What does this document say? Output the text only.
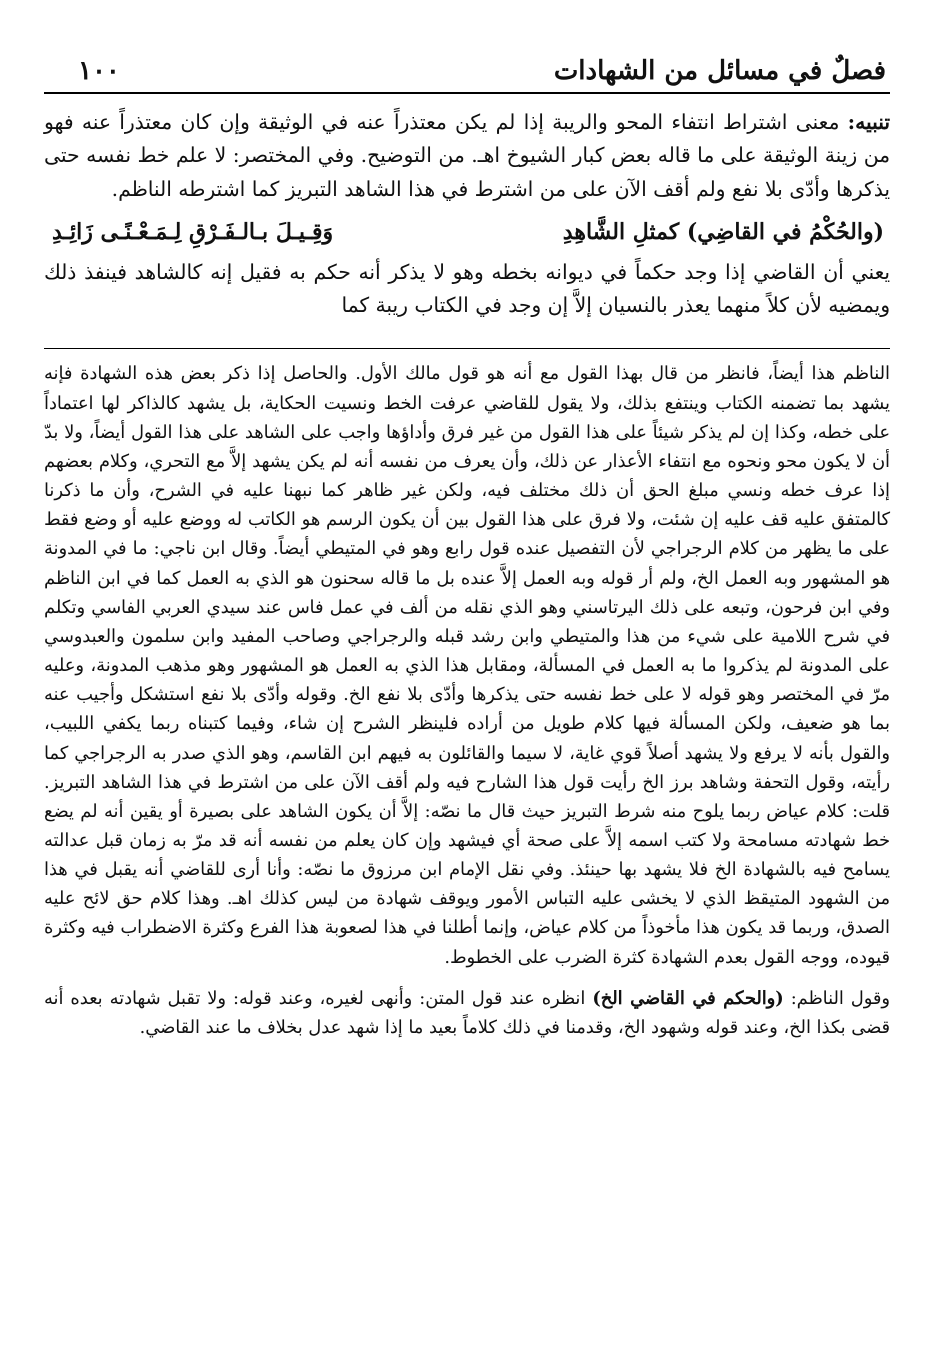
فصلٌ في مسائل من الشهادات
١٠٠

تنبيه: معنى اشتراط انتفاء المحو والريبة إذا لم يكن معتذراً عنه في الوثيقة وإن كان معتذراً عنه فهو من زينة الوثيقة على ما قاله بعض كبار الشيوخ اهـ. من التوضيح. وفي المختصر: لا علم خط نفسه حتى يذكرها وأدّى بلا نفع ولم أقف الآن على من اشترط في هذا الشاهد التبريز كما اشترطه الناظم.

(والحُكْمُ في القاضِي) كمثلِ الشَّاهِدِ
وَقِـيـلَ بـالـفَـرْقِ لِـمَـعْـنًـى زَائِـدِ

يعني أن القاضي إذا وجد حكماً في ديوانه بخطه وهو لا يذكر أنه حكم به فقيل إنه كالشاهد فينفذ ذلك ويمضيه لأن كلاً منهما يعذر بالنسيان إلاَّ إن وجد في الكتاب ريبة كما

الناظم هذا أيضاً، فانظر من قال بهذا القول مع أنه هو قول مالك الأول. والحاصل إذا ذكر بعض هذه الشهادة فإنه يشهد بما تضمنه الكتاب وينتفع بذلك، ولا يقول للقاضي عرفت الخط ونسيت الحكاية، بل يشهد كالذاكر لها اعتماداً على خطه، وكذا إن لم يذكر شيئاً على هذا القول من غير فرق وأداؤها واجب على الشاهد على هذا القول أيضاً، ولا بدّ أن لا يكون محو ونحوه مع انتفاء الأعذار عن ذلك، وأن يعرف من نفسه أنه لم يكن يشهد إلاَّ مع التحري، وكلام بعضهم إذا عرف خطه ونسي مبلغ الحق أن ذلك مختلف فيه، ولكن غير ظاهر كما نبهنا عليه في الشرح، وأن ما ذكرنا كالمتفق عليه قف عليه إن شئت، ولا فرق على هذا القول بين أن يكون الرسم هو الكاتب له ووضع عليه أو وضع فقط على ما يظهر من كلام الرجراجي لأن التفصيل عنده قول رابع وهو في المتيطي أيضاً. وقال ابن ناجي: ما في المدونة هو المشهور وبه العمل الخ، ولم أر قوله وبه العمل إلاَّ عنده بل ما قاله سحنون هو الذي به العمل كما في ابن الناظم وفي ابن فرحون، وتبعه على ذلك اليرتاسني وهو الذي نقله من ألف في عمل فاس عند سيدي العربي الفاسي وتكلم في شرح اللامية على شيء من هذا والمتيطي وابن رشد قبله والرجراجي وصاحب المفيد وابن سلمون والعبدوسي على المدونة لم يذكروا ما به العمل في المسألة، ومقابل هذا الذي به العمل هو المشهور وهو مذهب المدونة، وعليه مرّ في المختصر وهو قوله لا على خط نفسه حتى يذكرها وأدّى بلا نفع الخ. وقوله وأدّى بلا نفع استشكل وأجيب عنه بما هو ضعيف، ولكن المسألة فيها كلام طويل من أراده فلينظر الشرح إن شاء، وفيما كتبناه ربما يكفي اللبيب، والقول بأنه لا يرفع ولا يشهد أصلاً قوي غاية، لا سيما والقائلون به فيهم ابن القاسم، وهو الذي صدر به الرجراجي كما رأيته، وقول التحفة وشاهد برز الخ رأيت قول هذا الشارح فيه ولم أقف الآن على من اشترط في هذا الشاهد التبريز. قلت: كلام عياض ربما يلوح منه شرط التبريز حيث قال ما نصّه: إلاَّ أن يكون الشاهد على بصيرة أو يقين أنه لم يضع خط شهادته مسامحة ولا كتب اسمه إلاَّ على صحة أي فيشهد وإن كان يعلم من نفسه أنه قد مرّ به زمان قبل عدالته يسامح فيه بالشهادة الخ فلا يشهد بها حينئذ. وفي نقل الإمام ابن مرزوق ما نصّه: وأنا أرى للقاضي أنه يقبل في هذا من الشهود المتيقظ الذي لا يخشى عليه التباس الأمور ويوقف شهادة من ليس كذلك اهـ. وهذا كلام حق لائح عليه الصدق، وربما قد يكون هذا مأخوذاً من كلام عياض، وإنما أطلنا في هذا لصعوبة هذا الفرع وكثرة الاضطراب فيه وكثرة قيوده، ووجه القول بعدم الشهادة كثرة الضرب على الخطوط.

وقول الناظم: (والحكم في القاضي الخ) انظره عند قول المتن: وأنهى لغيره، وعند قوله: ولا تقبل شهادته بعده أنه قضى بكذا الخ، وعند قوله وشهود الخ، وقدمنا في ذلك كلاماً بعيد ما إذا شهد عدل بخلاف ما عند القاضي.
